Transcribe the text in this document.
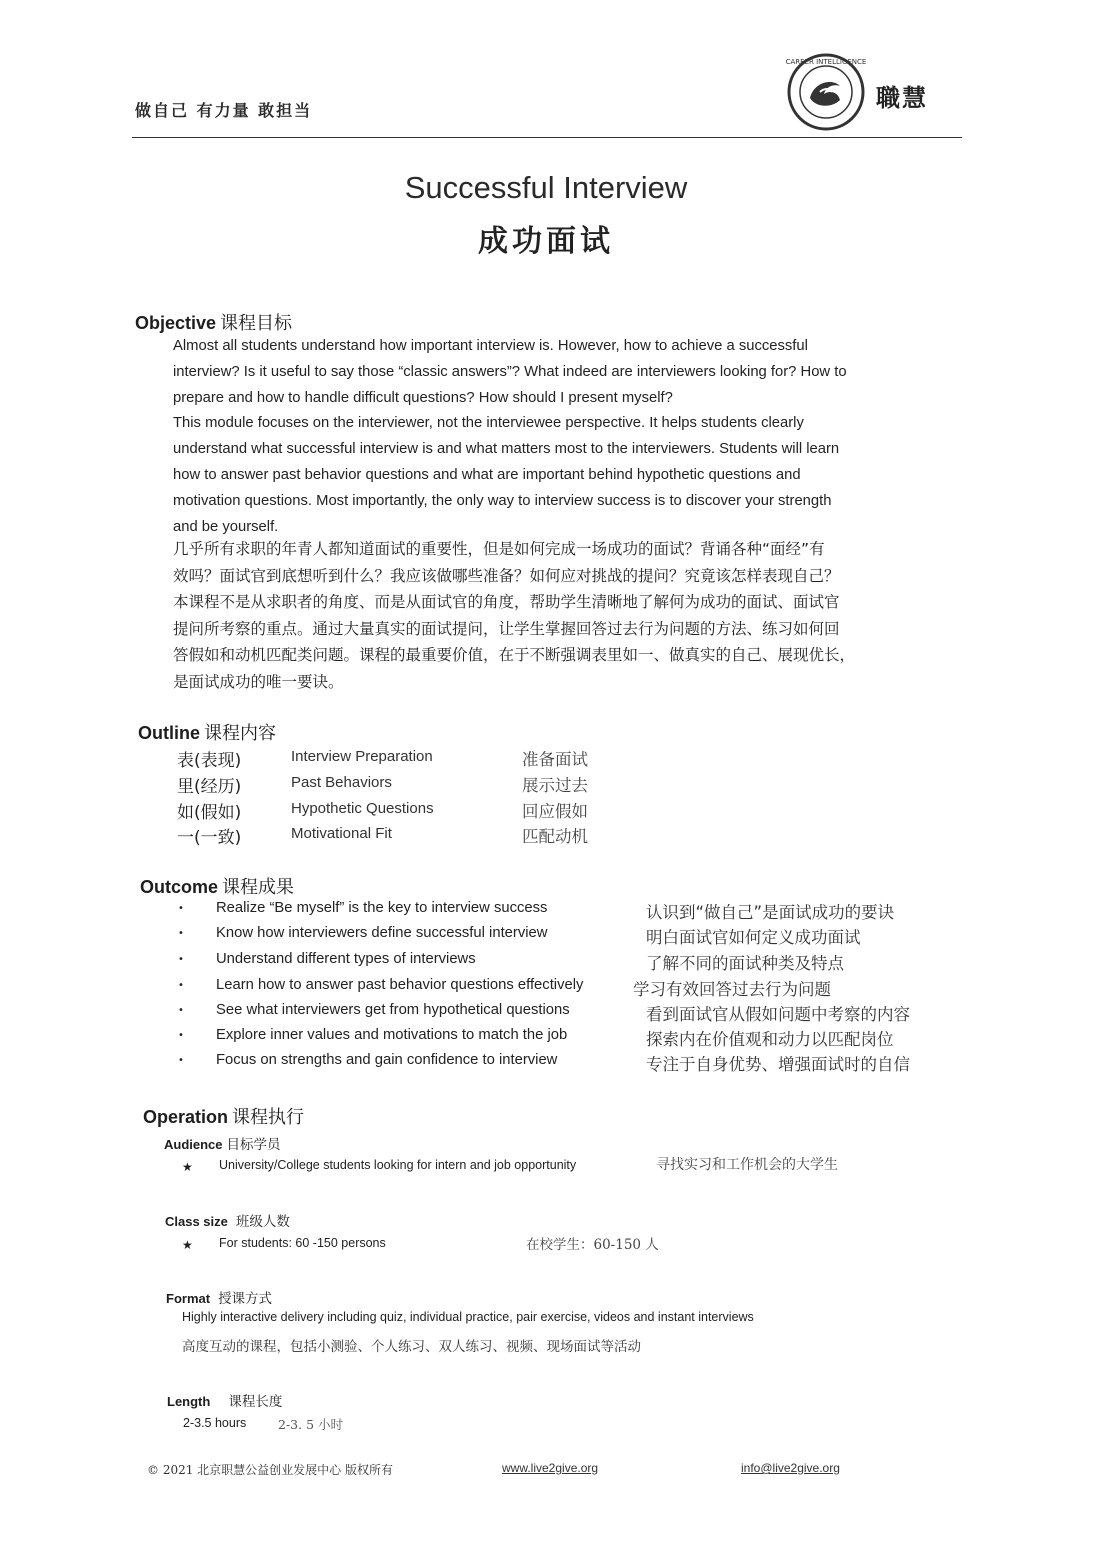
做自己 有力量 敢担当
CAREER INTELLIGENCE
職慧
Successful Interview
成功面试
Objective 课程目标
Almost all students understand how important interview is. However, how to achieve a successful
interview? Is it useful to say those “classic answers”? What indeed are interviewers looking for? How to
prepare and how to handle difficult questions? How should I present myself?
This module focuses on the interviewer, not the interviewee perspective. It helps students clearly
understand what successful interview is and what matters most to the interviewers. Students will learn
how to answer past behavior questions and what are important behind hypothetic questions and
motivation questions. Most importantly, the only way to interview success is to discover your strength
and be yourself.
几乎所有求职的年青人都知道面试的重要性，但是如何完成一场成功的面试？背诵各种“面经”有
效吗？面试官到底想听到什么？我应该做哪些准备？如何应对挑战的提问？究竟该怎样表现自己？
本课程不是从求职者的角度、而是从面试官的角度，帮助学生清晰地了解何为成功的面试、面试官
提问所考察的重点。通过大量真实的面试提问，让学生掌握回答过去行为问题的方法、练习如何回
答假如和动机匹配类问题。课程的最重要价值，在于不断强调表里如一、做真实的自己、展现优长，
是面试成功的唯一要诀。
Outline 课程内容
表(表现)	Interview Preparation	准备面试
里(经历)	Past Behaviors	展示过去
如(假如)	Hypothetic Questions	回应假如
一(一致)	Motivational Fit	匹配动机
Outcome 课程成果
• Realize “Be myself” is the key to interview success	认识到“做自己”是面试成功的要诀
• Know how interviewers define successful interview	明白面试官如何定义成功面试
• Understand different types of interviews	了解不同的面试种类及特点
• Learn how to answer past behavior questions effectively	学习有效回答过去行为问题
• See what interviewers get from hypothetical questions	看到面试官从假如问题中考察的内容
• Explore inner values and motivations to match the job	探索内在价值观和动力以匹配岗位
• Focus on strengths and gain confidence to interview	专注于自身优势、增强面试时的自信
Operation 课程执行
Audience 目标学员
★ University/College students looking for intern and job opportunity	寻找实习和工作机会的大学生
Class size 班级人数
★ For students: 60 -150 persons	在校学生：60-150 人
Format 授课方式
Highly interactive delivery including quiz, individual practice, pair exercise, videos and instant interviews
高度互动的课程，包括小测验、个人练习、双人练习、视频、现场面试等活动
Length 课程长度
2-3.5 hours	2-3. 5 小时
© 2021 北京职慧公益创业发展中心 版权所有	www.live2give.org	info@live2give.org
